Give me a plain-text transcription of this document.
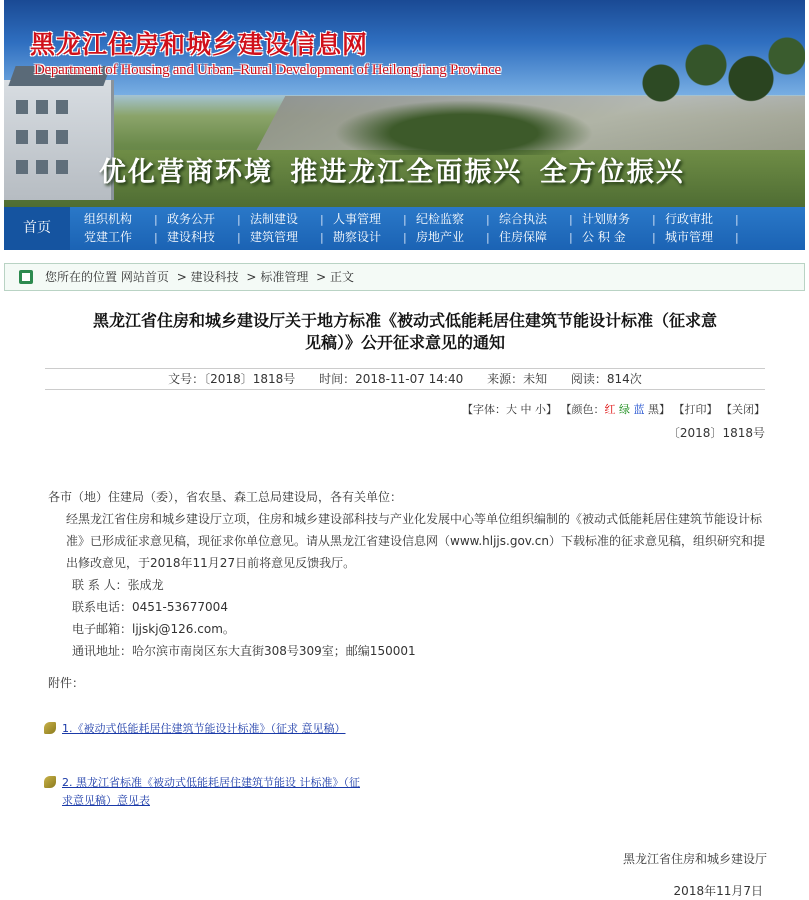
黑龙江住房和城乡建设信息网
Department of Housing and Urban–Rural Development of Heilongjiang Province
优化营商环境 推进龙江全面振兴 全方位振兴
首页
组织机构	政务公开	法制建设	人事管理	纪检监察	综合执法	计划财务	行政审批
党建工作	建设科技	建筑管理	勘察设计	房地产业	住房保障	公 积 金	城市管理
|
|
|
|
|
|
|
|
|
|
|
|
|
|
|
|
您所在的位置 网站首页 > 建设科技 > 标准管理 > 正文
黑龙江省住房和城乡建设厅关于地方标准《被动式低能耗居住建筑节能设计标准（征求意
见稿）》公开征求意见的通知
文号：〔2018〕1818号 时间：2018-11-07 14:40 来源：未知 阅读：814次
【字体：大 中 小】 【颜色：红 绿 蓝 黑】 【打印】 【关闭】
〔2018〕1818号

各市（地）住建局（委），省农垦、森工总局建设局，各有关单位：

经黑龙江省住房和城乡建设厅立项，住房和城乡建设部科技与产业化发展中心等单位组织编制的《被动式低能耗居住建筑节能设计标准》已形成征求意见稿，现征求你单位意见。请从黑龙江省建设信息网（www.hljjs.gov.cn）下载标准的征求意见稿，组织研究和提出修改意见，于2018年11月27日前将意见反馈我厅。

联 系 人：张成龙

联系电话：0451-53677004

电子邮箱：ljjskj@126.com。

通讯地址：哈尔滨市南岗区东大直街308号309室；邮编150001

附件：
1.《被动式低能耗居住建筑节能设计标准》（征求 意见稿）
2. 黑龙江省标准《被动式低能耗居住建筑节能设 计标准》（征
求意见稿）意见表
黑龙江省住房和城乡建设厅
2018年11月7日
